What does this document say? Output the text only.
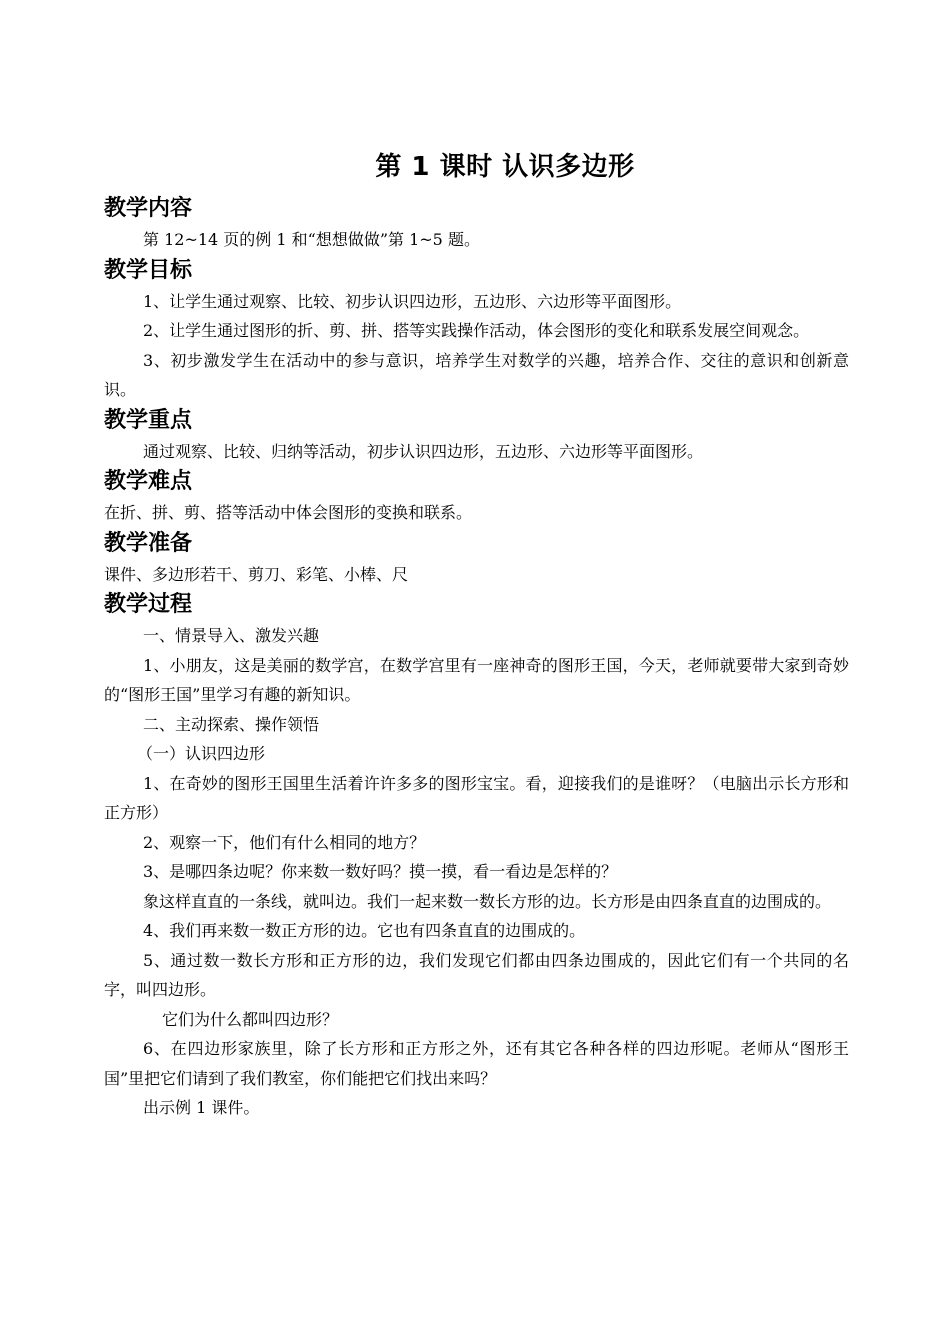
第 1 课时 认识多边形
教学内容

第 12~14 页的例 1 和“想想做做”第 1~5 题。

教学目标

1、让学生通过观察、比较、初步认识四边形，五边形、六边形等平面图形。

2、让学生通过图形的折、剪、拼、搭等实践操作活动，体会图形的变化和联系发展空间观念。

3、初步激发学生在活动中的参与意识，培养学生对数学的兴趣，培养合作、交往的意识和创新意识。

教学重点

通过观察、比较、归纳等活动，初步认识四边形，五边形、六边形等平面图形。

教学难点

在折、拼、剪、搭等活动中体会图形的变换和联系。

教学准备

课件、多边形若干、剪刀、彩笔、小棒、尺

教学过程

一、情景导入、激发兴趣

1、小朋友，这是美丽的数学宫，在数学宫里有一座神奇的图形王国，今天，老师就要带大家到奇妙的“图形王国”里学习有趣的新知识。

二、主动探索、操作领悟

（一）认识四边形

1、在奇妙的图形王国里生活着许许多多的图形宝宝。看，迎接我们的是谁呀？（电脑出示长方形和正方形）

2、观察一下，他们有什么相同的地方？

3、是哪四条边呢？你来数一数好吗？摸一摸，看一看边是怎样的？

象这样直直的一条线，就叫边。我们一起来数一数长方形的边。长方形是由四条直直的边围成的。

4、我们再来数一数正方形的边。它也有四条直直的边围成的。

5、通过数一数长方形和正方形的边，我们发现它们都由四条边围成的，因此它们有一个共同的名字，叫四边形。

它们为什么都叫四边形？

6、在四边形家族里，除了长方形和正方形之外，还有其它各种各样的四边形呢。老师从“图形王国”里把它们请到了我们教室，你们能把它们找出来吗？

出示例 1 课件。
